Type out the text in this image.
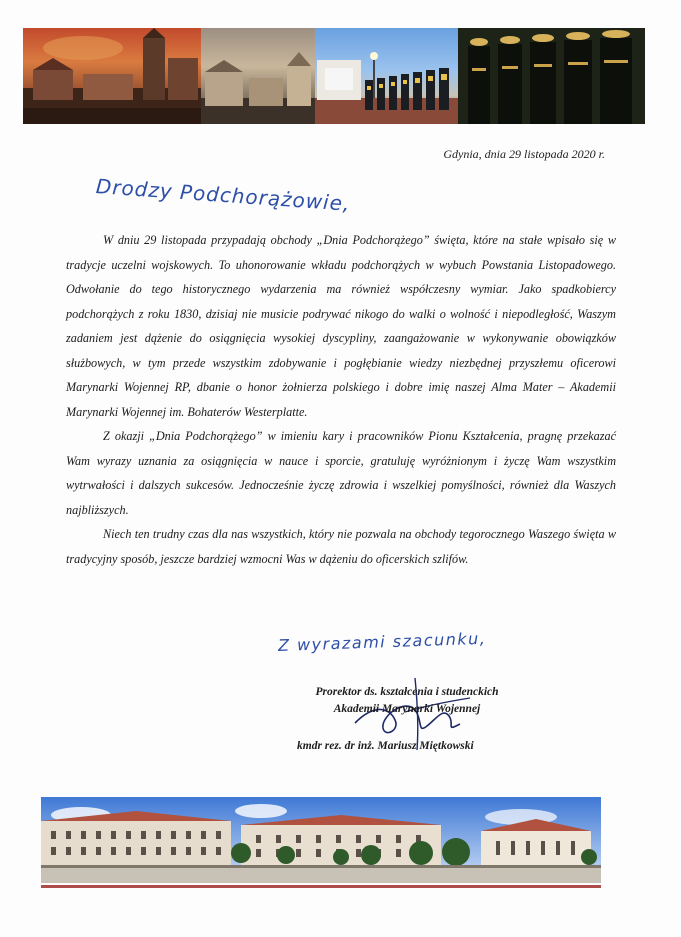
Gdynia, dnia 29 listopada 2020 r.
Drodzy Podchorążowie,

W dniu 29 listopada przypadają obchody „Dnia Podchorążego” święta, które na stałe wpisało się w tradycje uczelni wojskowych. To uhonorowanie wkładu podchorążych w wybuch Powstania Listopadowego. Odwołanie do tego historycznego wydarzenia ma również współczesny wymiar. Jako spadkobiercy podchorążych z roku 1830, dzisiaj nie musicie podrywać nikogo do walki o wolność i niepodległość, Waszym zadaniem jest dążenie do osiągnięcia wysokiej dyscypliny, zaangażowanie w wykonywanie obowiązków służbowych, w tym przede wszystkim zdobywanie i pogłębianie wiedzy niezbędnej przyszłemu oficerowi Marynarki Wojennej RP, dbanie o honor żołnierza polskiego i dobre imię naszej Alma Mater – Akademii Marynarki Wojennej im. Bohaterów Westerplatte.

Z okazji „Dnia Podchorążego” w imieniu kary i pracowników Pionu Kształcenia, pragnę przekazać Wam wyrazy uznania za osiągnięcia w nauce i sporcie, gratuluję wyróżnionym i życzę Wam wszystkim wytrwałości i dalszych sukcesów. Jednocześnie życzę zdrowia i wszelkiej pomyślności, również dla Waszych najbliższych.

Niech ten trudny czas dla nas wszystkich, który nie pozwala na obchody tegorocznego Waszego święta w tradycyjny sposób, jeszcze bardziej wzmocni Was w dążeniu do oficerskich szlifów.

Z wyrazami szacunku,
Prorektor ds. kształcenia i studenckich
Akademii Marynarki Wojennej
kmdr rez. dr inż. Mariusz Miętkowski
